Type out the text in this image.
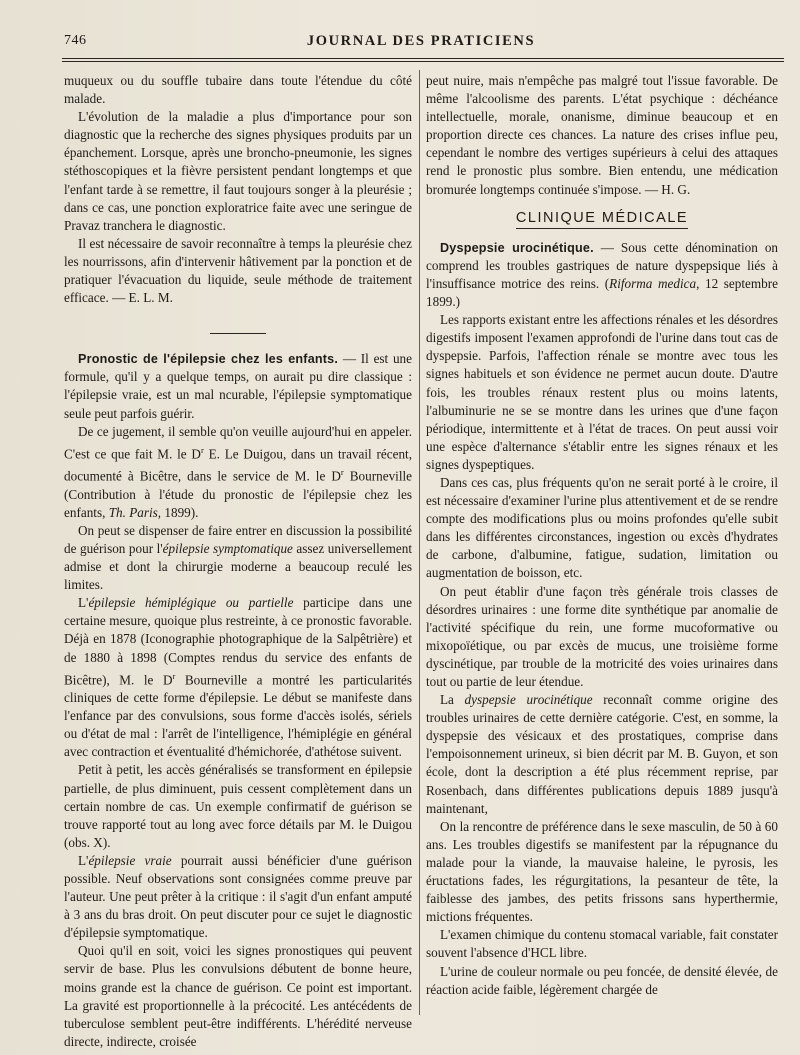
746	JOURNAL DES PRATICIENS

muqueux ou du souffle tubaire dans toute l'étendue du côté malade.

L'évolution de la maladie a plus d'importance pour son diagnostic que la recherche des signes physiques produits par un épanchement. Lorsque, après une broncho-pneumonie, les signes stéthoscopiques et la fièvre persistent pendant longtemps et que l'enfant tarde à se remettre, il faut toujours songer à la pleurésie ; dans ce cas, une ponction exploratrice faite avec une seringue de Pravaz tranchera le diagnostic.

Il est nécessaire de savoir reconnaître à temps la pleurésie chez les nourrissons, afin d'intervenir hâtivement par la ponction et de pratiquer l'évacuation du liquide, seule méthode de traitement efficace. — E. L. M.

Pronostic de l'épilepsie chez les enfants. — Il est une formule, qu'il y a quelque temps, on aurait pu dire classique : l'épilepsie vraie, est un mal ncurable, l'épilepsie symptomatique seule peut parfois guérir.

De ce jugement, il semble qu'on veuille aujourd'hui en appeler. C'est ce que fait M. le $D^r$ E. Le Duigou, dans un travail récent, documenté à Bicêtre, dans le service de M. le $D^r$ Bourneville (Contribution à l'étude du pronostic de l'épilepsie chez les enfants, Th. Paris, 1899).

On peut se dispenser de faire entrer en discussion la possibilité de guérison pour l'épilepsie symptomatique assez universellement admise et dont la chirurgie moderne a beaucoup reculé les limites.

L'épilepsie hémiplégique ou partielle participe dans une certaine mesure, quoique plus restreinte, à ce pronostic favorable. Déjà en 1878 (Iconographie photographique de la Salpêtrière) et de 1880 à 1898 (Comptes rendus du service des enfants de Bicêtre), M. le $D^r$ Bourneville a montré les particularités cliniques de cette forme d'épilepsie. Le début se manifeste dans l'enfance par des convulsions, sous forme d'accès isolés, sériels ou d'état de mal : l'arrêt de l'intelligence, l'hémiplégie en général avec contraction et éventualité d'hémichorée, d'athétose suivent.

Petit à petit, les accès généralisés se transforment en épilepsie partielle, de plus diminuent, puis cessent complètement dans un certain nombre de cas. Un exemple confirmatif de guérison se trouve rapporté tout au long avec force détails par M. le Duigou (obs. X).

L'épilepsie vraie pourrait aussi bénéficier d'une guérison possible. Neuf observations sont consignées comme preuve par l'auteur. Une peut prêter à la critique : il s'agit d'un enfant amputé à 3 ans du bras droit. On peut discuter pour ce sujet le diagnostic d'épilepsie symptomatique.

Quoi qu'il en soit, voici les signes pronostiques qui peuvent servir de base. Plus les convulsions débutent de bonne heure, moins grande est la chance de guérison. Ce point est important. La gravité est proportionnelle à la précocité. Les antécédents de tuberculose semblent peut-être indifférents. L'hérédité nerveuse directe, indirecte, croisée

peut nuire, mais n'empêche pas malgré tout l'issue favorable. De même l'alcoolisme des parents. L'état psychique : déchéance intellectuelle, morale, onanisme, diminue beaucoup et en proportion directe ces chances. La nature des crises influe peu, cependant le nombre des vertiges supérieurs à celui des attaques rend le pronostic plus sombre. Bien entendu, une médication bromurée longtemps continuée s'impose. — H. G.

CLINIQUE MÉDICALE

Dyspepsie urocinétique. — Sous cette dénomination on comprend les troubles gastriques de nature dyspepsique liés à l'insuffisance motrice des reins. (Riforma medica, 12 septembre 1899.)

Les rapports existant entre les affections rénales et les désordres digestifs imposent l'examen approfondi de l'urine dans tout cas de dyspepsie. Parfois, l'affection rénale se montre avec tous les signes habituels et son évidence ne permet aucun doute. D'autre fois, les troubles rénaux restent plus ou moins latents, l'albuminurie ne se se montre dans les urines que d'une façon périodique, intermittente et à l'état de traces. On peut aussi voir une espèce d'alternance s'établir entre les signes rénaux et les signes dyspeptiques.

Dans ces cas, plus fréquents qu'on ne serait porté à le croire, il est nécessaire d'examiner l'urine plus attentivement et de se rendre compte des modifications plus ou moins profondes qu'elle subit dans les différentes circonstances, ingestion ou excès d'hydrates de carbone, d'albumine, fatigue, sudation, limitation ou augmentation de boisson, etc.

On peut établir d'une façon très générale trois classes de désordres urinaires : une forme dite synthétique par anomalie de l'activité spécifique du rein, une forme mucoformative ou mixopoïétique, ou par excès de mucus, une troisième forme dyscinétique, par trouble de la motricité des voies urinaires dans tout ou partie de leur étendue.

La dyspepsie urocinétique reconnaît comme origine des troubles urinaires de cette dernière catégorie. C'est, en somme, la dyspepsie des vésicaux et des prostatiques, comprise dans l'empoisonnement urineux, si bien décrit par M. B. Guyon, et son école, dont la description a été plus récemment reprise, par Rosenbach, dans différentes publications depuis 1889 jusqu'à maintenant,

On la rencontre de préférence dans le sexe masculin, de 50 à 60 ans. Les troubles digestifs se manifestent par la répugnance du malade pour la viande, la mauvaise haleine, le pyrosis, les éructations fades, les régurgitations, la pesanteur de tête, la faiblesse des jambes, des petits frissons sans hyperthermie, mictions fréquentes.

L'examen chimique du contenu stomacal variable, fait constater souvent l'absence d'HCL libre.

L'urine de couleur normale ou peu foncée, de densité élevée, de réaction acide faible, légèrement chargée de
